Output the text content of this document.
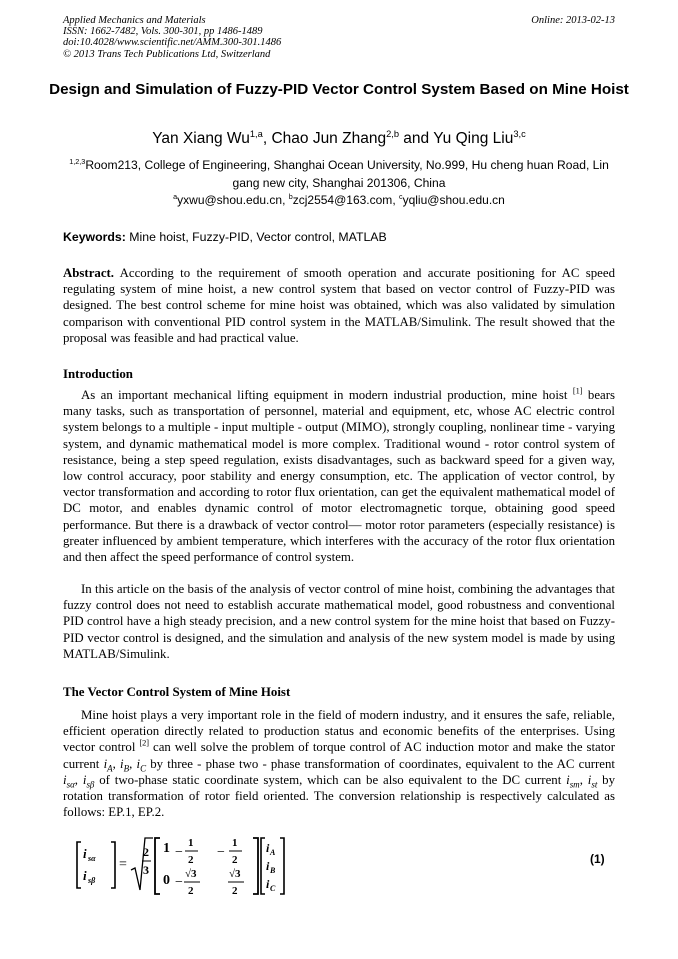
Applied Mechanics and Materials
ISSN: 1662-7482, Vols. 300-301, pp 1486-1489
doi:10.4028/www.scientific.net/AMM.300-301.1486
© 2013 Trans Tech Publications Ltd, Switzerland
Online: 2013-02-13
Design and Simulation of Fuzzy-PID Vector Control System Based on Mine Hoist
Yan Xiang Wu$^{1,a}$, Chao Jun Zhang$^{2,b}$ and Yu Qing Liu$^{3,c}$
$^{1,2,3}$Room213, College of Engineering, Shanghai Ocean University, No.999, Hu cheng huan Road, Lin gang new city, Shanghai 201306, China
$^a$yxwu@shou.edu.cn, $^b$zcj2554@163.com, $^c$yqliu@shou.edu.cn
Keywords: Mine hoist, Fuzzy-PID, Vector control, MATLAB
Abstract. According to the requirement of smooth operation and accurate positioning for AC speed regulating system of mine hoist, a new control system that based on vector control of Fuzzy-PID was designed. The best control scheme for mine hoist was obtained, which was also validated by simulation comparison with conventional PID control system in the MATLAB/Simulink. The result showed that the proposal was feasible and had practical value.
Introduction
As an important mechanical lifting equipment in modern industrial production, mine hoist [1] bears many tasks, such as transportation of personnel, material and equipment, etc, whose AC electric control system belongs to a multiple - input multiple - output (MIMO), strongly coupling, nonlinear time - varying system, and dynamic mathematical model is more complex. Traditional wound - rotor control system of resistance, being a step speed regulation, exists disadvantages, such as backward speed for a given way, low control accuracy, poor stability and energy consumption, etc. The application of vector control, by vector transformation and according to rotor flux orientation, can get the equivalent mathematical model of DC motor, and enables dynamic control of motor electromagnetic torque, obtaining good speed performance. But there is a drawback of vector control— motor rotor parameters (especially resistance) is greater influenced by ambient temperature, which interferes with the accuracy of the rotor flux orientation and then affect the speed performance of control system.
In this article on the basis of the analysis of vector control of mine hoist, combining the advantages that fuzzy control does not need to establish accurate mathematical model, good robustness and conventional PID control have a high steady precision, and a new control system for the mine hoist that based on Fuzzy-PID vector control is designed, and the simulation and analysis of the new system model is made by using MATLAB/Simulink.
The Vector Control System of Mine Hoist
Mine hoist plays a very important role in the field of modern industry, and it ensures the safe, reliable, efficient operation directly related to production status and economic benefits of the enterprises. Using vector control [2] can well solve the problem of torque control of AC induction motor and make the stator current $i_A$, $i_B$, $i_C$ by three - phase two - phase transformation of coordinates, equivalent to the AC current $i_{s\alpha}$, $i_{s\beta}$ of two-phase static coordinate system, which can be also equivalent to the DC current $i_{sm}$, $i_{st}$ by rotation transformation of rotor field oriented. The conversion relationship is respectively calculated as follows: EP.1, EP.2.
i sα
i sβ
=
2
3
1 −
1
2 −
1
2
0 −
√3
2
√3
2
i A
i B
i C
(1)
